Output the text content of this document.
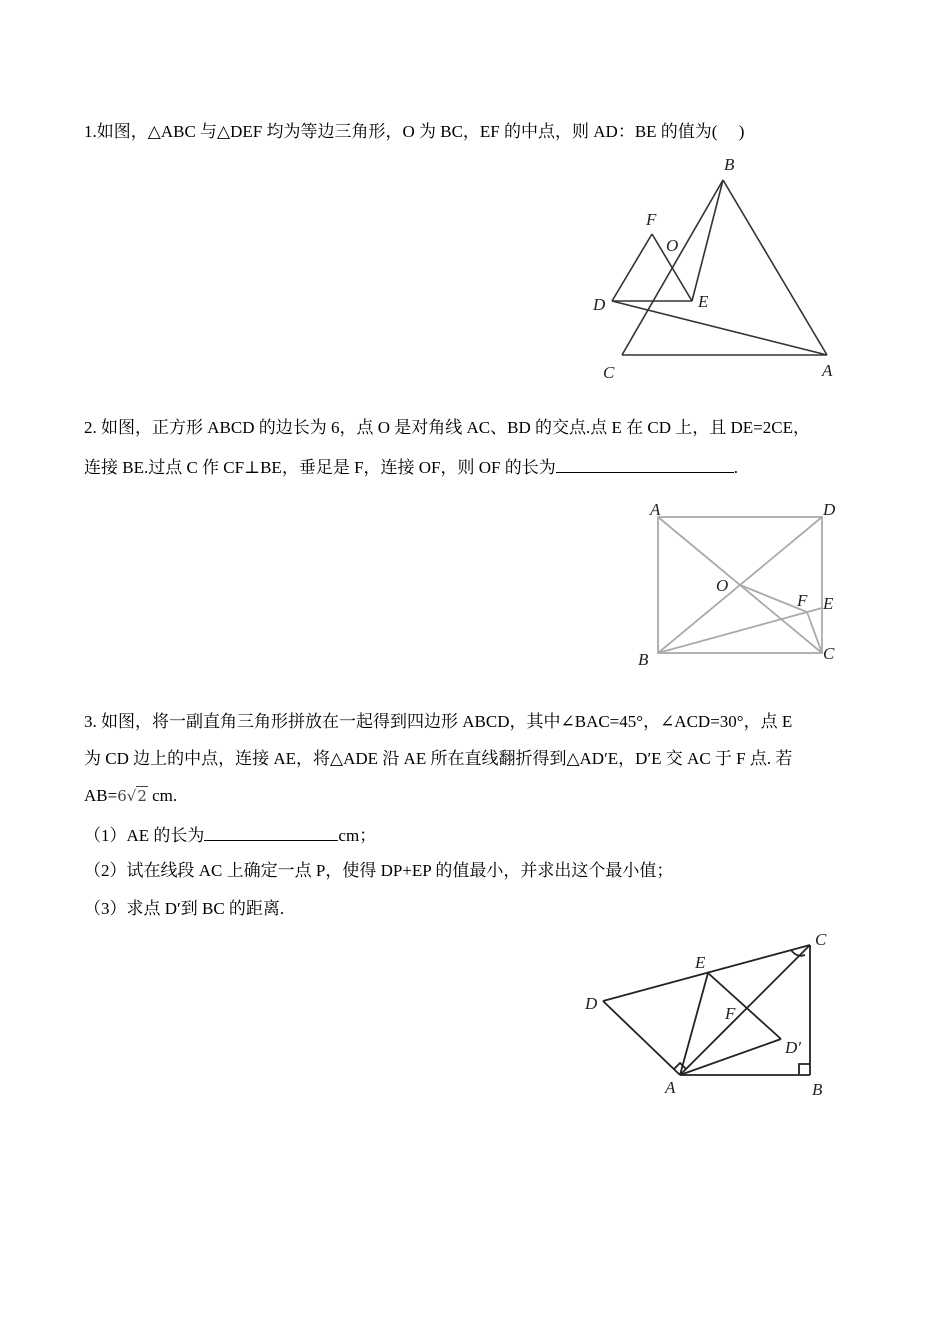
1.如图，△ABC 与△DEF 均为等边三角形，O 为 BC，EF 的中点，则 AD：BE 的值为(　 )
B
F
O
D	E
C	A
2. 如图，正方形 ABCD 的边长为 6，点 O 是对角线 AC、BD 的交点.点 E 在 CD 上，且 DE=2CE，
连接 BE.过点 C 作 CF⊥BE，垂足是 F，连接 OF，则 OF 的长为	.
A	D
O
F E
B	C
3. 如图，将一副直角三角形拼放在一起得到四边形 ABCD，其中∠BAC=45°，∠ACD=30°，点 E
为 CD 边上的中点，连接 AE，将△ADE 沿 AE 所在直线翻折得到△AD′E，D′E 交 AC 于 F 点. 若
AB=6√2 cm.
（1）AE 的长为	cm；
（2）试在线段 AC 上确定一点 P，使得 DP+EP 的值最小，并求出这个最小值；
（3）求点 D′到 BC 的距离.
C
E
D
F
D′
A	B
